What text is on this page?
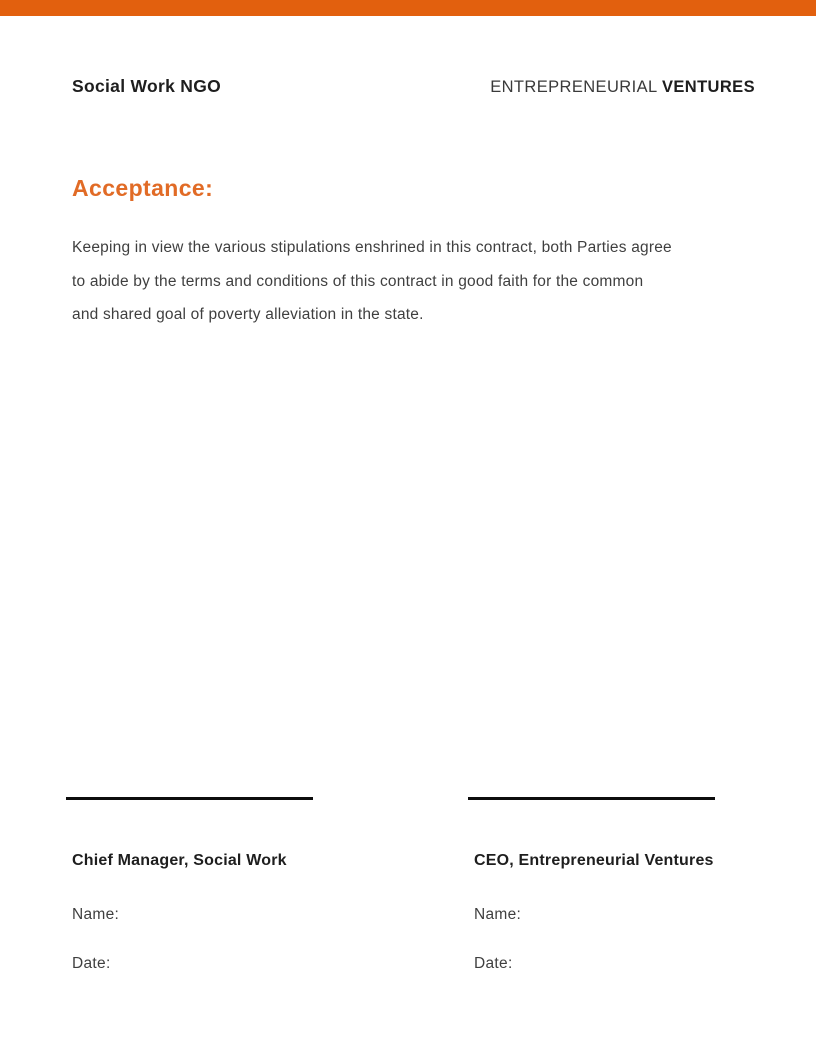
Social Work NGO	ENTREPRENEURIAL VENTURES
Acceptance:
Keeping in view the various stipulations enshrined in this contract, both Parties agree
to abide by the terms and conditions of this contract in good faith for the common
and shared goal of poverty alleviation in the state.
Chief Manager, Social Work
Name:
Date:
CEO, Entrepreneurial Ventures
Name:
Date:
